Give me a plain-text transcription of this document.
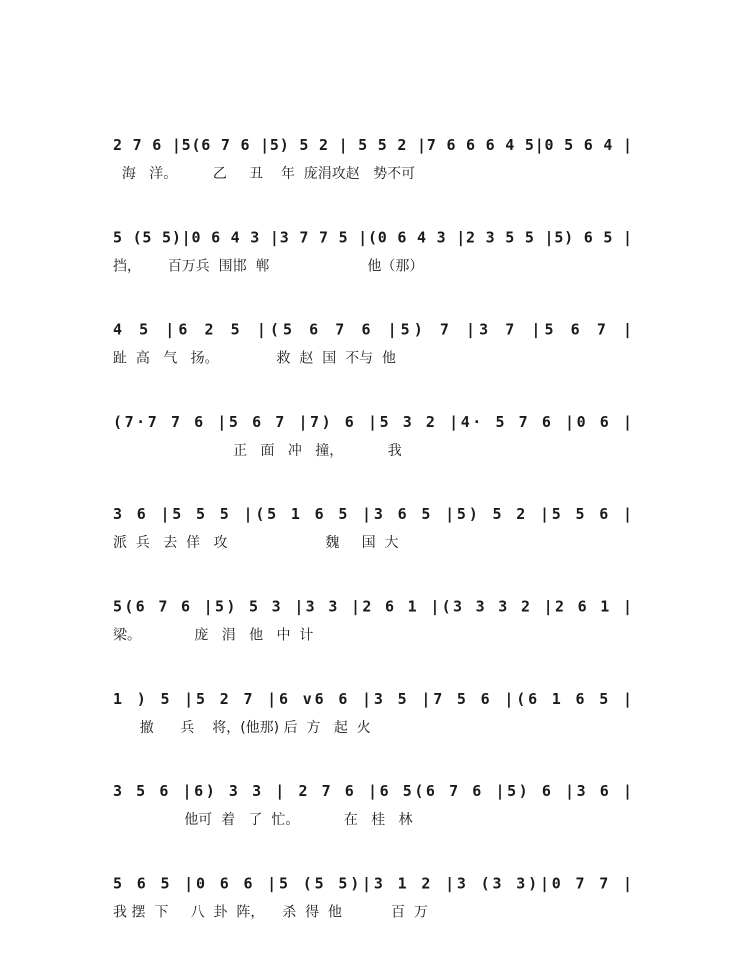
2 7 6 |5(6 7 6 |5) 5 2 | 5 5 2 |7 6 6 6 4 5|0 5 6 4 |
海   洋。        乙     丑    年  庞涓攻赵   势不可
5 (5 5)|0 6 4 3 |3 7 7 5 |(0 6 4 3 |2 3 5 5 |5) 6 5 |
挡，      百万兵  围邯  郸                      他（那）
4 5 |6 2 5 |(5 6 7 6 |5) 7 |3 7 |5 6 7 |
趾  高   气   扬。             救  赵  国  不与  他
(7·7 7 6 |5 6 7 |7) 6 |5 3 2 |4· 5 7 6 |0 6 |
正   面   冲   撞，          我
3 6 |5 5 5 |(5 1 6 5 |3 6 5 |5) 5 2 |5 5 6 |
派  兵   去  佯   攻                      魏     国  大
5(6 7 6 |5) 5 3 |3 3 |2 6 1 |(3 3 3 2 |2 6 1 |
梁。            庞   涓   他   中  计
1 ) 5 |5 2 7 |6 v6 6 |3 5 |7 5 6 |(6 1 6 5 |
撤      兵    将，(他那) 后  方   起  火
3 5 6 |6) 3 3 | 2 7 6 |6 5(6 7 6 |5) 6 |3 6 |
他可  着   了  忙。          在   桂   林
5 6 5 |0 6 6 |5 (5 5)|3 1 2 |3 (3 3)|0 7 7 |
我 摆  下     八  卦  阵，    杀  得  他           百  万
